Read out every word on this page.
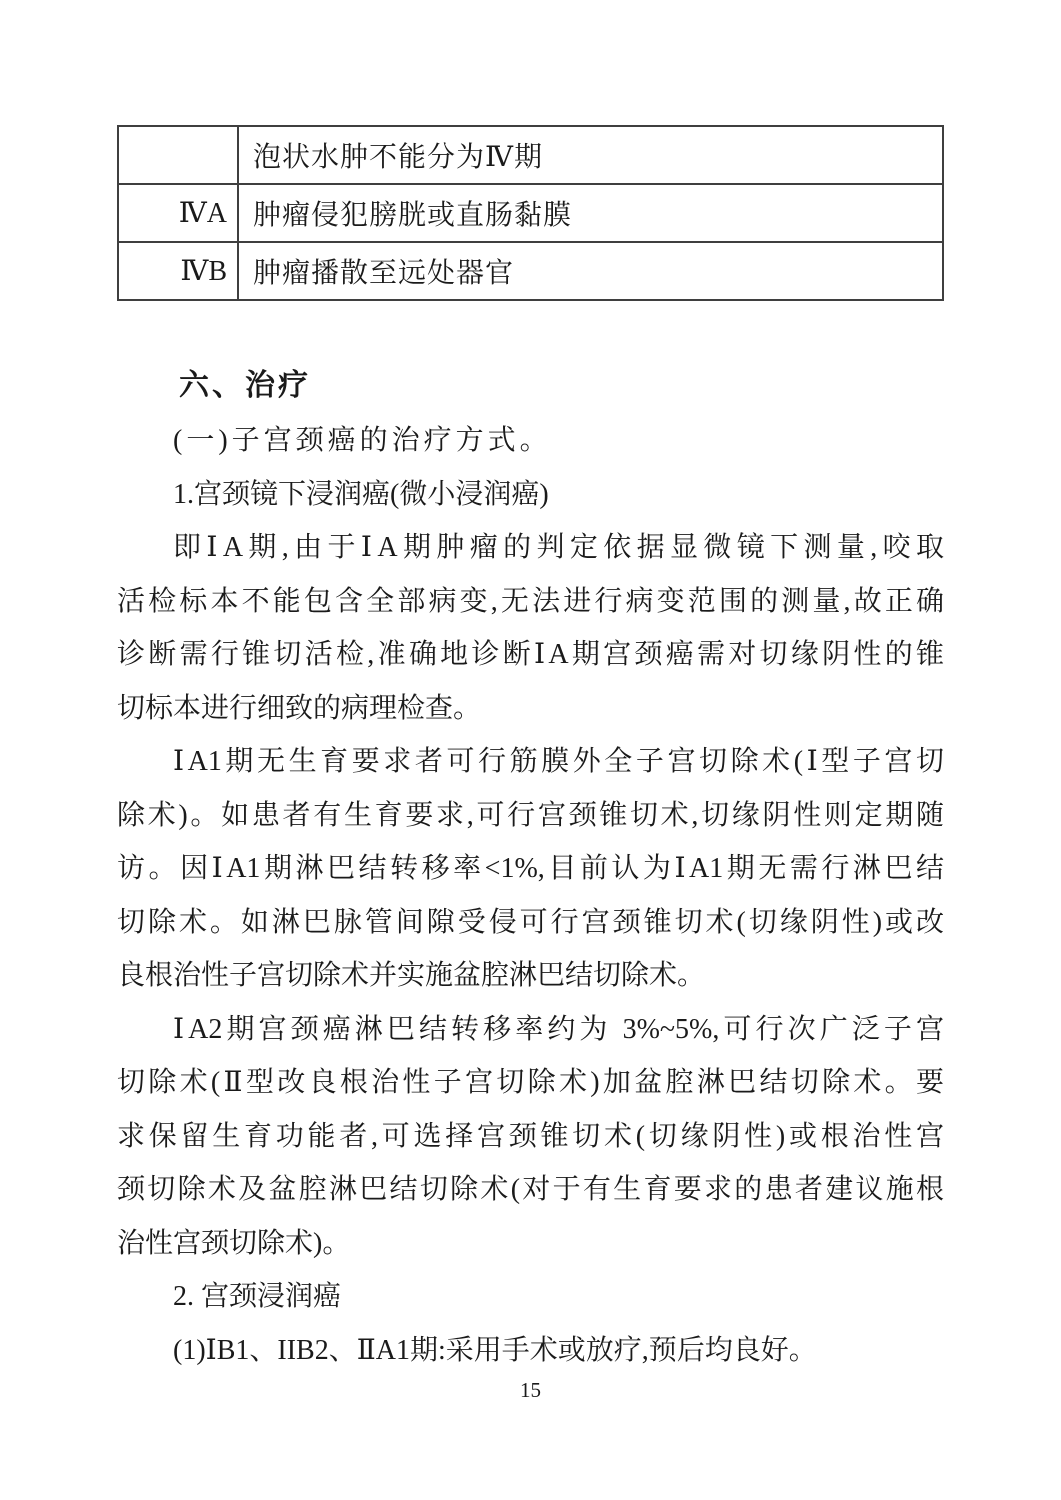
	泡状水肿不能分为Ⅳ期
ⅣA	肿瘤侵犯膀胱或直肠黏膜
ⅣB	肿瘤播散至远处器官
六、治疗
(一)子宫颈癌的治疗方式。
1.宫颈镜下浸润癌(微小浸润癌)
即ⅠA期,由于ⅠA期肿瘤的判定依据显微镜下测量,咬取
活检标本不能包含全部病变,无法进行病变范围的测量,故正确
诊断需行锥切活检,准确地诊断ⅠA期宫颈癌需对切缘阴性的锥
切标本进行细致的病理检查。
ⅠA1期无生育要求者可行筋膜外全子宫切除术(Ⅰ型子宫切
除术)。如患者有生育要求,可行宫颈锥切术,切缘阴性则定期随
访。因ⅠA1期淋巴结转移率<1%,目前认为ⅠA1期无需行淋巴结
切除术。如淋巴脉管间隙受侵可行宫颈锥切术(切缘阴性)或改
良根治性子宫切除术并实施盆腔淋巴结切除术。
ⅠA2期宫颈癌淋巴结转移率约为 3%~5%,可行次广泛子宫
切除术(Ⅱ型改良根治性子宫切除术)加盆腔淋巴结切除术。要
求保留生育功能者,可选择宫颈锥切术(切缘阴性)或根治性宫
颈切除术及盆腔淋巴结切除术(对于有生育要求的患者建议施根
治性宫颈切除术)。
2. 宫颈浸润癌
(1)ⅠB1、IIB2、ⅡA1期:采用手术或放疗,预后均良好。
15
